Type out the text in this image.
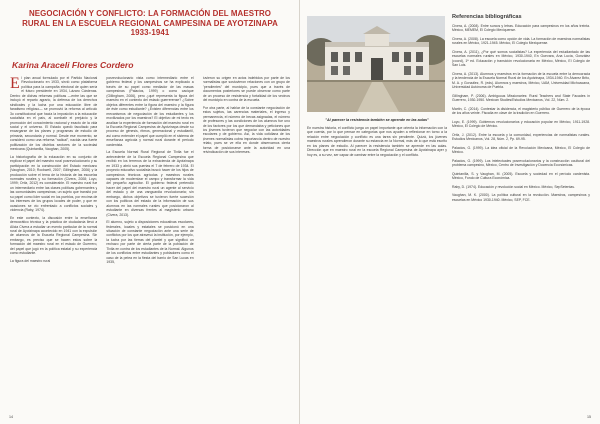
NEGOCIACIÓN Y CONFLICTO: LA FORMACIÓN DEL MAESTRO RURAL EN LA ESCUELA REGIONAL CAMPESINA DE AYOTZINAPA 1933-1941
Karina Araceli Flores Cordero

El plan anual formulado por el Partido Nacional Revolucionario en 1933, sirvió como plataforma política para la campaña electoral de quien sería el futuro presidente en 1934, Lázaro Cárdenas. Dentro de dichas reformas políticas —entre las que se incluyó el reparto agrario, la defensa de los derechos sindicales y la lucha por una educación libre de fanatismo religioso— se promovió la reforma al artículo 3o constitucional que hacía la imposición a la educación socialista en el país, al combatir el prejuicio y la promoción del conocimiento racional y exacto de la vida social y el universo. El Estado quedó facultado para encargarse de los planes y programas de estudio de primaria, secundaria y normal. Desde ese momento, se consideró como una reforma "radical", nacida una fuerte politización de los distritos sectores de la sociedad mexicana (Quintanilla, Vaughan, 2005).

La historiografía de la educación en su conjunto de explicar el papel del maestro rural posrevolucionario y su participación en la construcción del Estado mexicano (Vaughan, 2010; Rockwell, 2007; Gillingham, 2006) y la producción sobre el tema de la historia de las escuelas normales rurales y su formación (Civera, 2008; Loyo, 1999; Ortiz, 2012) es considerable. El maestro rural fue un intermediario entre las clases políticas gobernantes y las comunidades campesinas; un sujeto que transitó por su papel como líder social en los pueblos, por encima de los intereses de los grupos locales de poder, y que en ocasiones se vio enfrentado a conflictos sociales y violencia (Raby, 1974).

En este contexto, la discusión entre la enseñanza democrático técnica y la práctica de ciudadanía llevó a Alicia Civera a estudiar un evento particular de la normal rural de Ayotzinapa acontecido en 1941 con la expulsión de alumnos de la Escuela Regional Campesina. Sin embargo, es preciso que se hacen estos sobre la formación del maestro rural en el estado de Guerrero, del papel que jugó en la política estatal y su experiencia como estudiante.

La figura del maestro rural

posrevolucionario vista como intermediario entre el gobierno federal y los campesinos se ha explicado a través de su papel como mediador de las masas campesinas (Palacios, 1999) o como cacique (Gillingham, 2006), pero ¿qué representa la figura del maestro en el contexto del estado guerrerense? ¿Sobre objetos diferentes entre la figura del maestro y la figura de éste como estudiante? ¿Existen diferencias entre los mecanismos de negociación de los estudiantes y los movilizados por los maestros? El objetivo de mi texto es analizar la experiencia de formación del maestro rural en la Escuela Regional Campesina de Ayotzinapa desde su proceso de génesis, ritmos, generacional y estudiantil, así como entender el papel que cumplió en el sistema de enseñanza agrícola y normal rural durante el periodo cardenista.

La Escuela Normal Rural Regional de Tixtla fue el antecedente de la Escuela Regional Campesina que recibió en los terrenos de la exhacienda de Ayotzinapa en 1933 y abrió sus puertas el 7 de febrero de 1934. El proyecto educativo socialista buscó hacer de los hijos de campesinos técnicos agrícolas y maestros rurales capaces de modernizar el campo y transformar la vida del pequeño agricultor. El gobierno federal pretendió hacer del papel del maestro rural un agente al servicio del estado y de una vanguardia revolucionaria; sin embargo, dichos objetivos se tuvieron fuerte sucesión con los políticos del estado de la información de sus alumnos en las normales rurales que posicionaron al estudiante en diversas frentes al magisterio urbano (Civera, 2013).

El alumno, sujeto a disposiciones educativas escolares, federales, locales y estatales se posicionó en una situación de constante negociación ante una serie de conflictos por los que atravesó la institución, por ejemplo, la lucha por las tierras del plantel y que significó un rechazo por parte de cierta parte de la población de Tixtla en contra de los estudiantes de la Normal. Algunos de los conflictos entre estudiantes y pobladores como el caso de la pelea en la fiesta del barrio de San Lucas en 1935,

tuvieron su origen en actos indebidos por parte de los normalistas que sostuvieron relaciones con un grupo de "pendientes" del municipio, pues que a través de documentos posteriores se puede observar como parte de un proceso de resistencia y fortalidad de los vecinos del municipio en contra de la escuela.

Por otra parte, al hablar de la constante negociación de estos sujetos, las carencias materiales, el ingreso y permanencia, el número de becas asignadas, el número de profesores y las condiciones de los alumnos fue uno de los factores por los que demandaba y peticiones que los jóvenes tuvieron que negociar con las autoridades escolares y de gobierno. Así, la vida cotidiana de los jóvenes normalistas cobra importancia dentro de nuestro relato, pues se ve ella en donde observamos cierta forma de posicionarse ante la autoridad en una reivindicación de sus intereses.

14

"Al parecer la resistencia también se aprende en las aulas"

En nuestra historia, el conflicto juega un papel importante que orienta la información con la que cuenta, por lo que pensar en categorías que nos ayuden a reflexionar en torno a la relación entre negociación y conflicto es una tarea sin pendiente. Quizá, los jóvenes maestros rurales aprendieron durante su estancia en la Normal, más de lo que está escrito en los planes de estudio. Al parecer la resistencia también se aprende en las aulas. Dirección que en maestro rural en la escuela Regional Campesina de Ayotzinapa ayer y hoy es, a su vez, ser capaz de caminar entre la negociación y el conflicto.

Referencias bibliográficas

Civera, A. (2008). Entre surcos y letras. Educación para campesinos en los años treinta. México, MEMEM, El Colegio Mexiquense.

Civera, A. (2008). La escuela como opción de vida. La formación de maestros normalistas rurales en México, 1921-1945. México, El Colegio Mexiquense.

Civera, A. (2011), ¿Por qué somos socialistas? La experiencia del estudiantado de las escuelas normales rurales en México, 1930-1940, En Guevara, Ana Lucía, González (coord), 1ª ed. Educación y transición revolucionaria en México, México, El Colegio de San Luis.

Civera, A. (2013). Alumnos y maestros en la formación de la escuela entre la democracia y la tendencia de la Escuela Normal Rural de los Ayotzinapa, 1934-1940. En Álvarez Brito, M. A. y González, R. (eds). Alumnos y maestros, México, UAM, Universidad Michoacana, Universidad Autónoma de Puebla.

Gillingham, P. (2006). Ambiguous Missionaries: Rural Teachers and State Facades in Guerrero, 1930-1950. Mexican Studies/Estudios Mexicanos, Vol. 22, Núm. 2.

Martin, C. (2014). Contestar la disidencia, el magisterio público de Guerrero de la época de los años veinte. Fiscalía en clave de la tradición en Guerrero.

Loyo, E. (1999). Gobiernos revolucionarios y educación popular en México, 1911-1928. México, El Colegio de México.

Ortiz, J. (2012). Entre la escuela y la comunidad, experiencias de normalistas rurales. Estudios Mexicanos, Vol. 28, Núm. 2, Pp. 69-95.

Palacios, G. (1999). La idea oficial de la Revolución Mexicana, México, El Colegio de México.

Palacios, G. (1999). Los intelectuales posrevolucionarios y la construcción ocultural del problema campesino, México, Centro de Investigación y Docencia Económicas.

Quintanilla, S. y Vaughan, M. (2005). Escuela y sociedad en el período cardenista. México, Fondo de Cultura Económica.

Raby, D. (1974). Educación y revolución social en México. México, SepSetentas.

Vaughan, M. K. (2000). La política cultural en la revolución. Maestros, campesinos y escuelas en México 1930-1940. México, SEP, FCE.

15
